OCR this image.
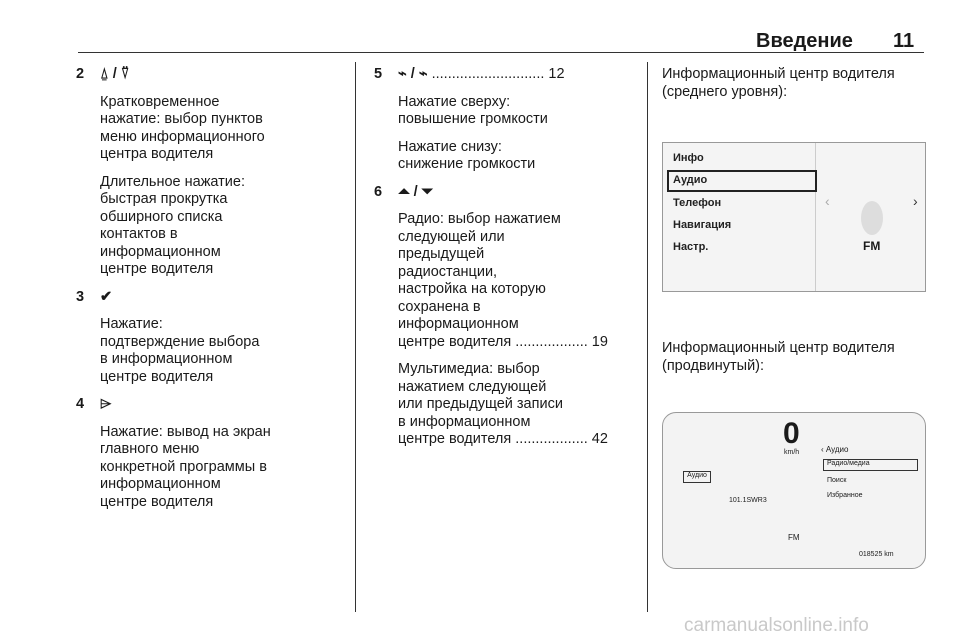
Введение 11
2 ⍙ / ⍢

Кратковременное
нажатие: выбор пунктов
меню информационного
центра водителя

Длительное нажатие:
быстрая прокрутка
обширного списка
контактов в
информационном
центре водителя

3 ✔

Нажатие:
подтверждение выбора
в информационном
центре водителя

4 ⌲

Нажатие: вывод на экран
главного меню
конкретной программы в
информационном
центре водителя

5 ⌁ / ⌁ ............................ 12

Нажатие сверху:
повышение громкости

Нажатие снизу:
снижение громкости

6 ⏶ / ⏷

Радио: выбор нажатием
следующей или
предыдущей
радиостанции,
настройка на которую
сохранена в
информационном
центре водителя .................. 19

Мультимедиа: выбор
нажатием следующей
или предыдущей записи
в информационном
центре водителя .................. 42

Информационный центр водителя
(среднего уровня):
Инфо
Аудио
Телефон
Навигация
Настр.
‹	›
FM
Информационный центр водителя
(продвинутый):
0
km/h	‹ Аудио
Аудио
Радио/медиа
Поиск
Избранное
101.1SWR3
FM
018525 km
carmanualsonline.info
